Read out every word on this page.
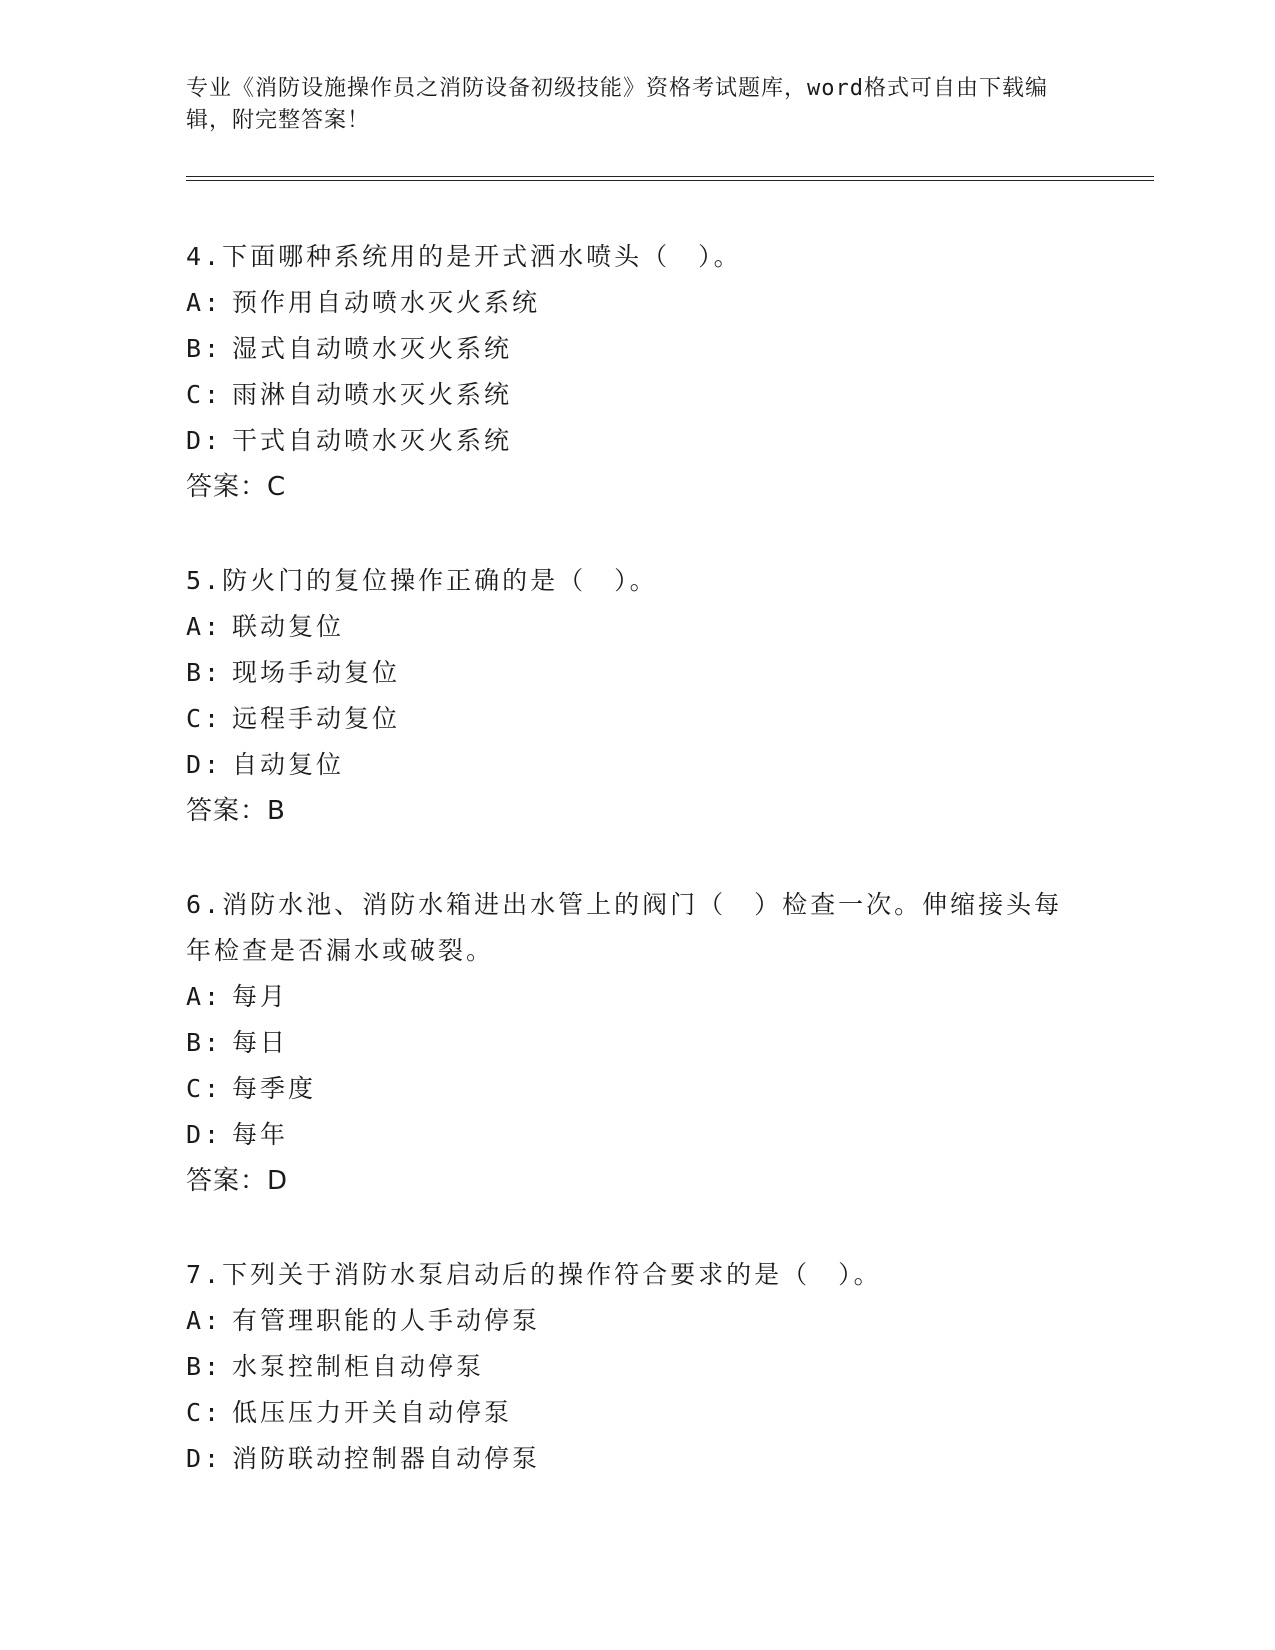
专业《消防设施操作员之消防设备初级技能》资格考试题库，word格式可自由下载编辑，附完整答案！

4.下面哪种系统用的是开式洒水喷头（　）。

A: 预作用自动喷水灭火系统

B: 湿式自动喷水灭火系统

C: 雨淋自动喷水灭火系统

D: 干式自动喷水灭火系统

答案：C

5.防火门的复位操作正确的是（　）。

A: 联动复位

B: 现场手动复位

C: 远程手动复位

D: 自动复位

答案：B

6.消防水池、消防水箱进出水管上的阀门（　）检查一次。伸缩接头每年检查是否漏水或破裂。

A: 每月

B: 每日

C: 每季度

D: 每年

答案：D

7.下列关于消防水泵启动后的操作符合要求的是（　）。

A: 有管理职能的人手动停泵

B: 水泵控制柜自动停泵

C: 低压压力开关自动停泵

D: 消防联动控制器自动停泵
